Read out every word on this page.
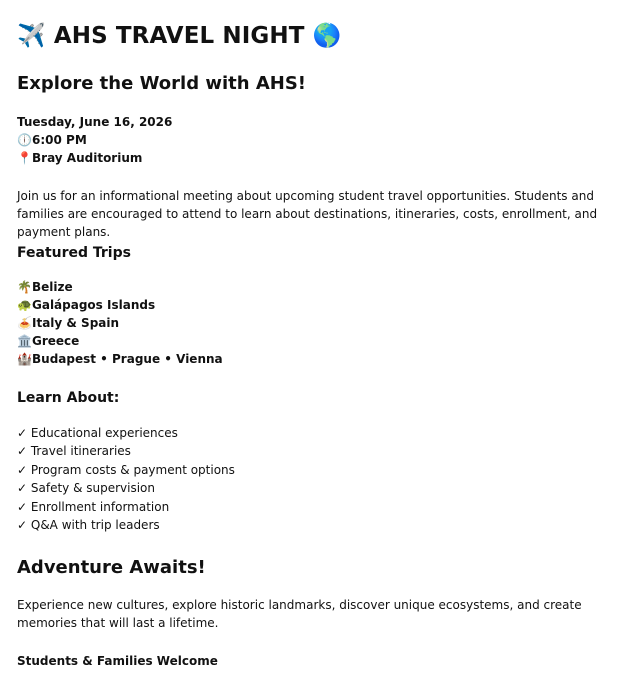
✈️ AHS TRAVEL NIGHT 🌎
Explore the World with AHS!
Tuesday, June 16, 2026
🕕6:00 PM
📍Bray Auditorium

Join us for an informational meeting about upcoming student travel opportunities. Students and families are encouraged to attend to learn about destinations, itineraries, costs, enrollment, and payment plans.

Featured Trips
🌴Belize
🐢Galápagos Islands
🍝Italy & Spain
🏛️Greece
🏰Budapest • Prague • Vienna
Learn About:
✓ Educational experiences
✓ Travel itineraries
✓ Program costs & payment options
✓ Safety & supervision
✓ Enrollment information
✓ Q&A with trip leaders
Adventure Awaits!

Experience new cultures, explore historic landmarks, discover unique ecosystems, and create memories that will last a lifetime.

Students & Families Welcome
